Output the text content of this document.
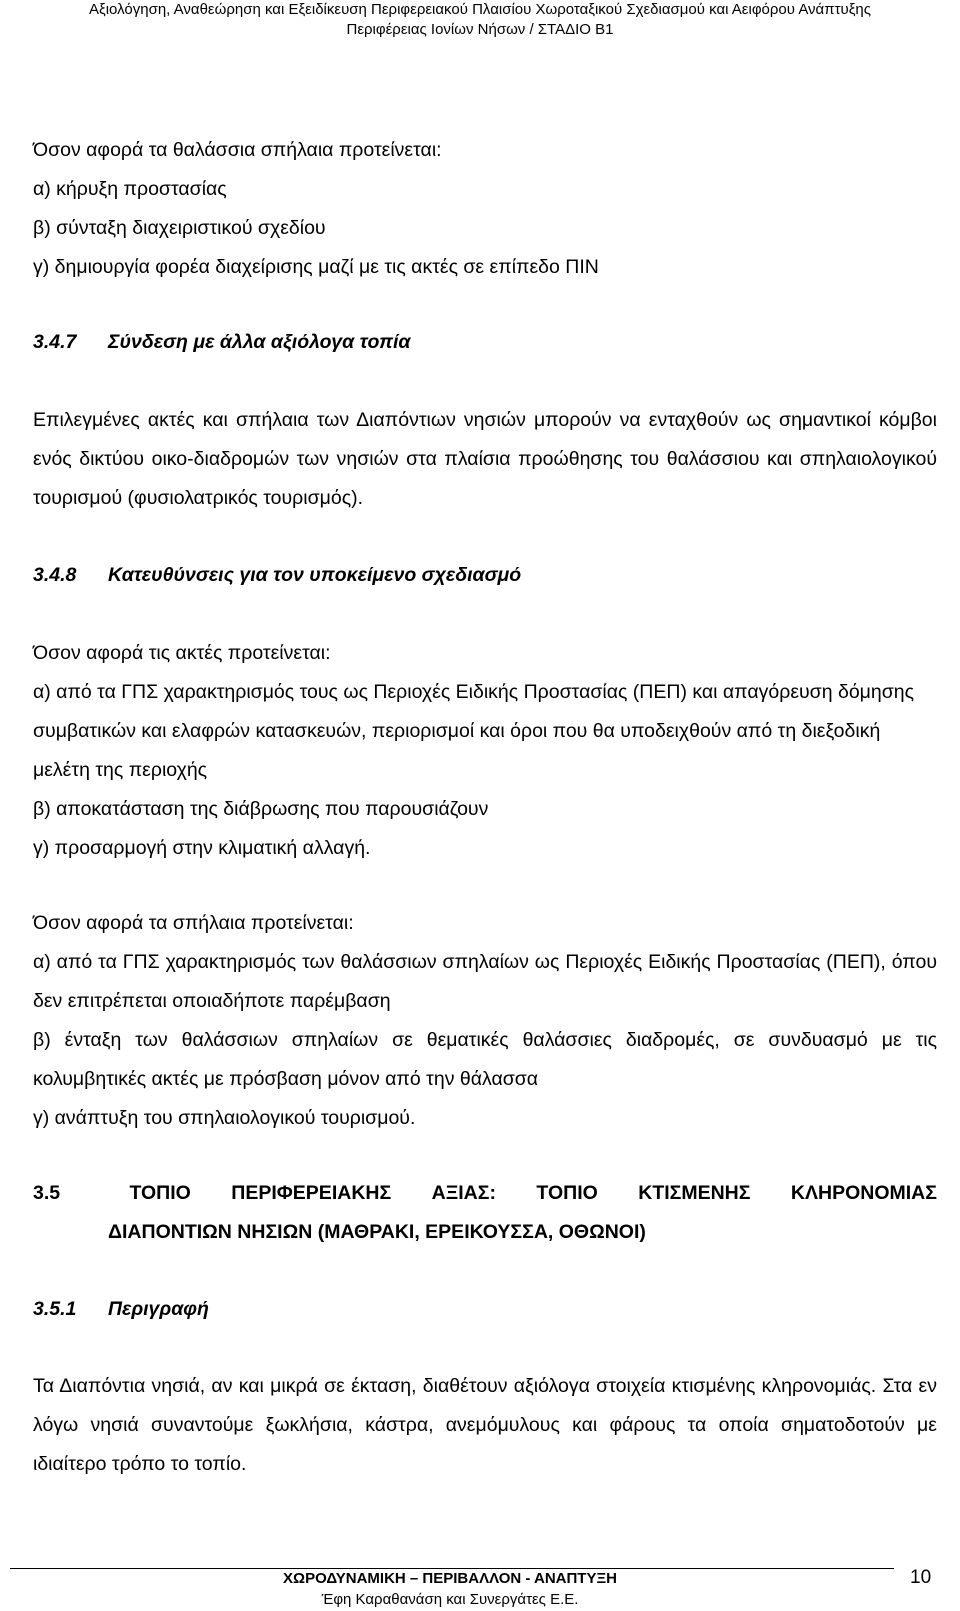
Αξιολόγηση, Αναθεώρηση και Εξειδίκευση Περιφερειακού Πλαισίου Χωροταξικού Σχεδιασμού και Αειφόρου Ανάπτυξης
Περιφέρειας Ιονίων Νήσων / ΣΤΑΔΙΟ Β1

Όσον αφορά τα θαλάσσια σπήλαια προτείνεται:

α) κήρυξη προστασίας

β) σύνταξη διαχειριστικού σχεδίου

γ) δημιουργία φορέα διαχείρισης μαζί με τις ακτές σε επίπεδο ΠΙΝ

3.4.7	Σύνδεση με άλλα αξιόλογα τοπία

Επιλεγμένες ακτές και σπήλαια των Διαπόντιων νησιών μπορούν να ενταχθούν ως σημαντικοί κόμβοι ενός δικτύου οικο-διαδρομών των νησιών στα πλαίσια προώθησης του θαλάσσιου και σπηλαιολογικού τουρισμού (φυσιολατρικός τουρισμός).

3.4.8	Κατευθύνσεις για τον υποκείμενο σχεδιασμό

Όσον αφορά τις ακτές προτείνεται:

α) από τα ΓΠΣ χαρακτηρισμός τους ως Περιοχές Ειδικής Προστασίας (ΠΕΠ) και απαγόρευση δόμησης συμβατικών και ελαφρών κατασκευών, περιορισμοί και όροι που θα υποδειχθούν από τη διεξοδική μελέτη της περιοχής

β) αποκατάσταση της διάβρωσης που παρουσιάζουν

γ) προσαρμογή στην κλιματική αλλαγή.

Όσον αφορά τα σπήλαια προτείνεται:

α) από τα ΓΠΣ χαρακτηρισμός των θαλάσσιων σπηλαίων ως Περιοχές Ειδικής Προστασίας (ΠΕΠ), όπου δεν επιτρέπεται οποιαδήποτε παρέμβαση

β) ένταξη των θαλάσσιων σπηλαίων σε θεματικές θαλάσσιες διαδρομές, σε συνδυασμό με τις κολυμβητικές ακτές με πρόσβαση μόνον από την θάλασσα

γ) ανάπτυξη του σπηλαιολογικού τουρισμού.

3.5	ΤΟΠΙΟ ΠΕΡΙΦΕΡΕΙΑΚΗΣ ΑΞΙΑΣ: ΤΟΠΙΟ ΚΤΙΣΜΕΝΗΣ ΚΛΗΡΟΝΟΜΙΑΣ
ΔΙΑΠΟΝΤΙΩΝ ΝΗΣΙΩΝ (ΜΑΘΡΑΚΙ, ΕΡΕΙΚΟΥΣΣΑ, ΟΘΩΝΟΙ)
3.5.1	Περιγραφή

Τα Διαπόντια νησιά, αν και μικρά σε έκταση, διαθέτουν αξιόλογα στοιχεία κτισμένης κληρονομιάς. Στα εν λόγω νησιά συναντούμε ξωκλήσια, κάστρα, ανεμόμυλους και φάρους τα οποία σηματοδοτούν με ιδιαίτερο τρόπο το τοπίο.

ΧΩΡΟΔΥΝΑΜΙΚΗ – ΠΕΡΙΒΑΛΛΟΝ - ΑΝΑΠΤΥΞΗ
Έφη Καραθανάση και Συνεργάτες Ε.Ε.
10
